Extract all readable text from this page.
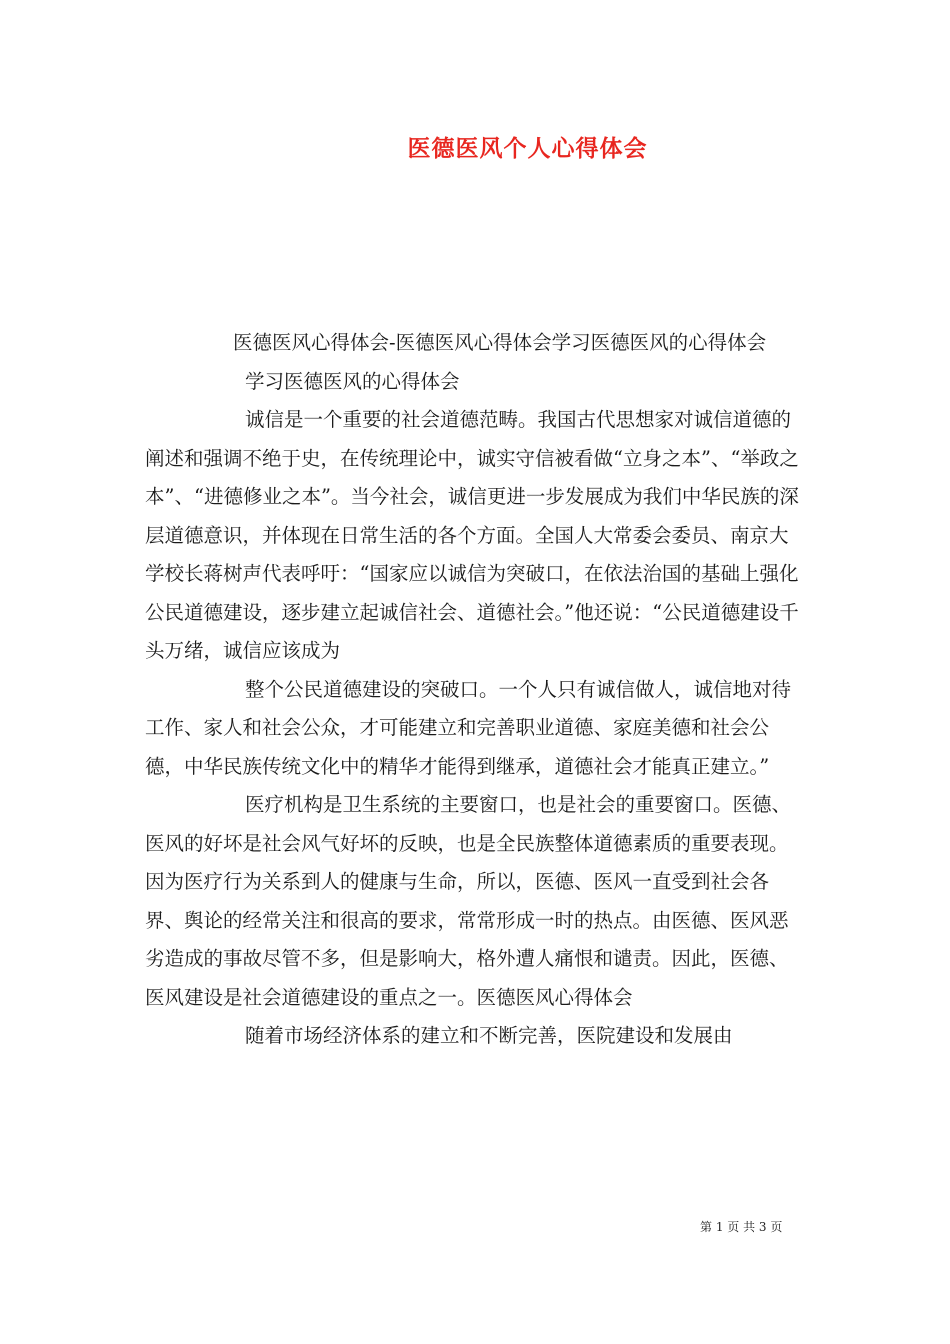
医德医风个人心得体会

医德医风心得体会-医德医风心得体会学习医德医风的心得体会

学习医德医风的心得体会

诚信是一个重要的社会道德范畴。我国古代思想家对诚信道德的阐述和强调不绝于史，在传统理论中，诚实守信被看做“立身之本”、“举政之本”、“进德修业之本”。当今社会，诚信更进一步发展成为我们中华民族的深层道德意识，并体现在日常生活的各个方面。全国人大常委会委员、南京大学校长蒋树声代表呼吁：“国家应以诚信为突破口，在依法治国的基础上强化公民道德建设，逐步建立起诚信社会、道德社会。”他还说：“公民道德建设千头万绪，诚信应该成为

整个公民道德建设的突破口。一个人只有诚信做人，诚信地对待工作、家人和社会公众，才可能建立和完善职业道德、家庭美德和社会公德，中华民族传统文化中的精华才能得到继承，道德社会才能真正建立。”

医疗机构是卫生系统的主要窗口，也是社会的重要窗口。医德、医风的好坏是社会风气好坏的反映，也是全民族整体道德素质的重要表现。因为医疗行为关系到人的健康与生命，所以，医德、医风一直受到社会各界、舆论的经常关注和很高的要求，常常形成一时的热点。由医德、医风恶劣造成的事故尽管不多，但是影响大，格外遭人痛恨和谴责。因此，医德、医风建设是社会道德建设的重点之一。医德医风心得体会

随着市场经济体系的建立和不断完善，医院建设和发展由

第 1 页 共 3 页
